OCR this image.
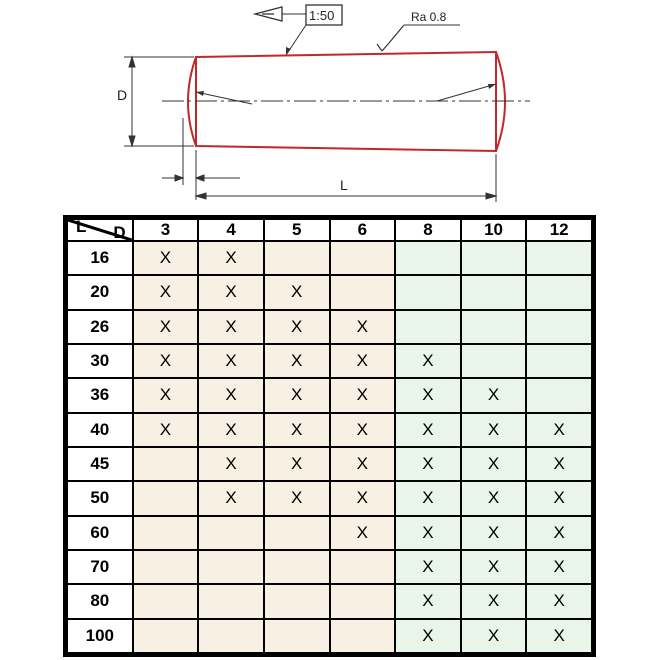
1:50	Ra 0.8
D
L
D
L	3	4	5	6	8	10	12
16	X	X					
20	X	X	X				
26	X	X	X	X			
30	X	X	X	X	X		
36	X	X	X	X	X	X	
40	X	X	X	X	X	X	X
45		X	X	X	X	X	X
50		X	X	X	X	X	X
60				X	X	X	X
70					X	X	X
80					X	X	X
100					X	X	X
